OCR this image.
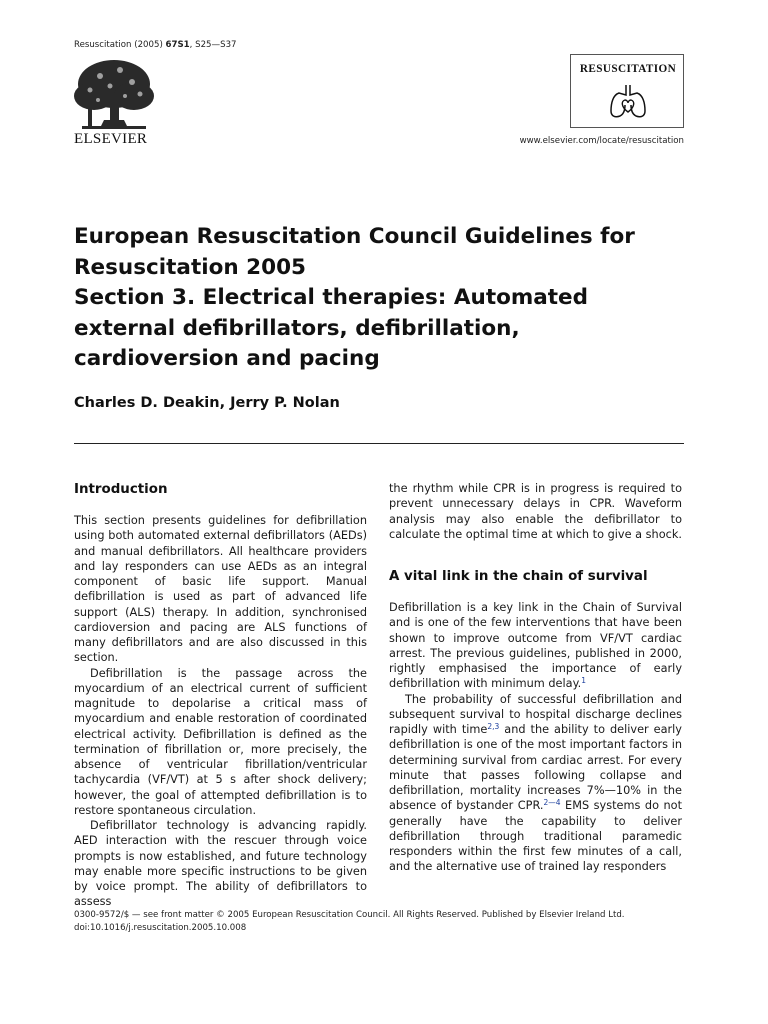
Resuscitation (2005) 67S1, S25—S37
ELSEVIER
RESUSCITATION
www.elsevier.com/locate/resuscitation
European Resuscitation Council Guidelines for
Resuscitation 2005
Section 3. Electrical therapies: Automated
external defibrillators, defibrillation,
cardioversion and pacing
Charles D. Deakin, Jerry P. Nolan
Introduction

This section presents guidelines for defibrillation using both automated external defibrillators (AEDs) and manual defibrillators. All healthcare providers and lay responders can use AEDs as an integral component of basic life support. Manual defibrillation is used as part of advanced life support (ALS) therapy. In addition, synchronised cardioversion and pacing are ALS functions of many defibrillators and are also discussed in this section.

Defibrillation is the passage across the myocardium of an electrical current of sufficient magnitude to depolarise a critical mass of myocardium and enable restoration of coordinated electrical activity. Defibrillation is defined as the termination of fibrillation or, more precisely, the absence of ventricular fibrillation/ventricular tachycardia (VF/VT) at 5 s after shock delivery; however, the goal of attempted defibrillation is to restore spontaneous circulation.

Defibrillator technology is advancing rapidly. AED interaction with the rescuer through voice prompts is now established, and future technology may enable more specific instructions to be given by voice prompt. The ability of defibrillators to assess

the rhythm while CPR is in progress is required to prevent unnecessary delays in CPR. Waveform analysis may also enable the defibrillator to calculate the optimal time at which to give a shock.

A vital link in the chain of survival

Defibrillation is a key link in the Chain of Survival and is one of the few interventions that have been shown to improve outcome from VF/VT cardiac arrest. The previous guidelines, published in 2000, rightly emphasised the importance of early defibrillation with minimum delay.$^1$

The probability of successful defibrillation and subsequent survival to hospital discharge declines rapidly with time$^{2,3}$ and the ability to deliver early defibrillation is one of the most important factors in determining survival from cardiac arrest. For every minute that passes following collapse and defibrillation, mortality increases 7%—10% in the absence of bystander CPR.$^{2—4}$ EMS systems do not generally have the capability to deliver defibrillation through traditional paramedic responders within the first few minutes of a call, and the alternative use of trained lay responders

0300-9572/$ — see front matter © 2005 European Resuscitation Council. All Rights Reserved. Published by Elsevier Ireland Ltd.
doi:10.1016/j.resuscitation.2005.10.008
